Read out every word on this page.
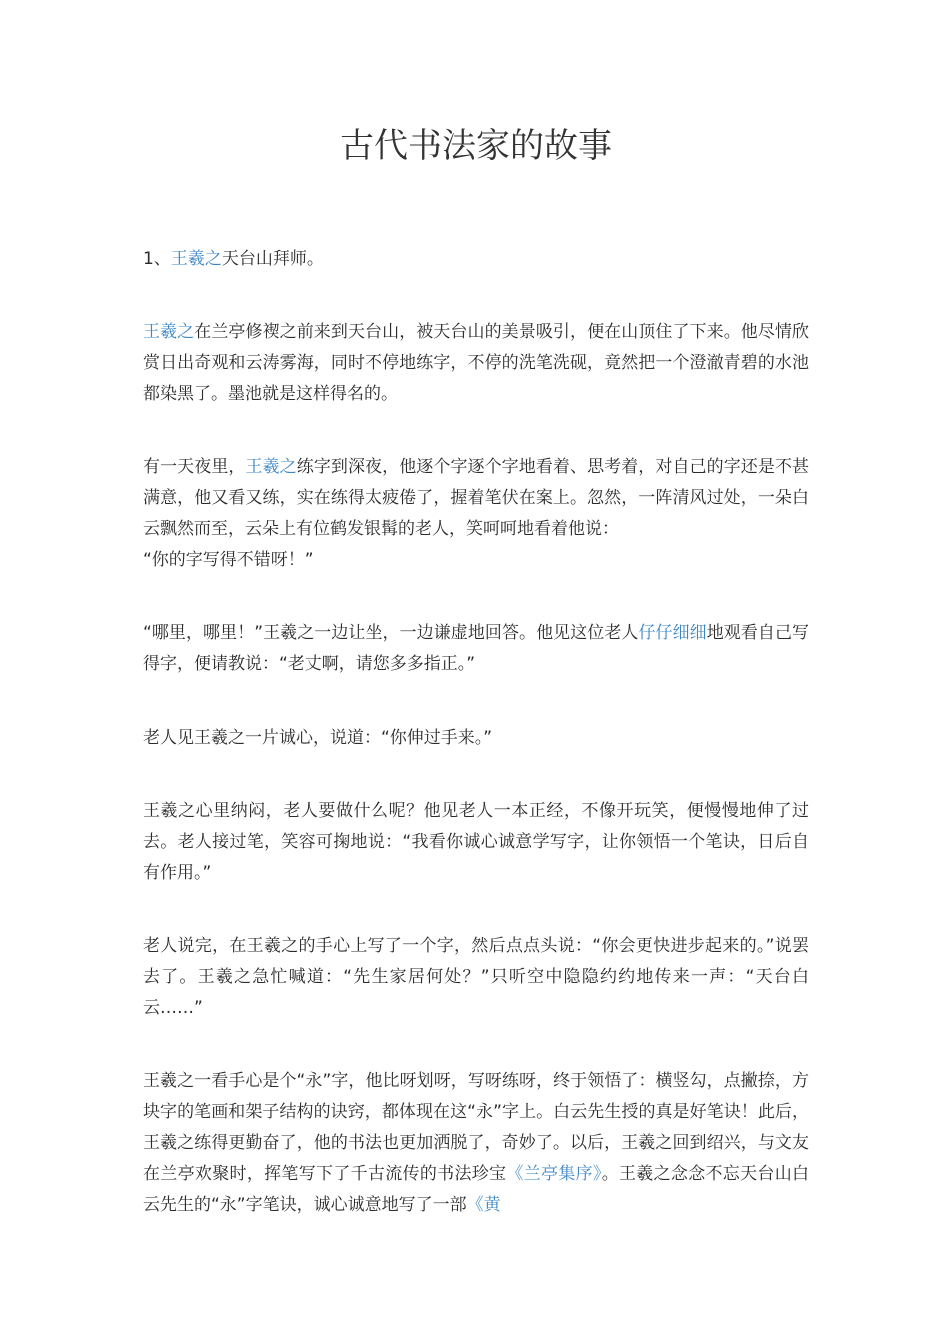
古代书法家的故事

1、王羲之天台山拜师。

王羲之在兰亭修褉之前来到天台山，被天台山的美景吸引，便在山顶住了下来。他尽情欣赏日出奇观和云涛雾海，同时不停地练字，不停的洗笔洗砚，竟然把一个澄澈青碧的水池都染黑了。墨池就是这样得名的。

有一天夜里，王羲之练字到深夜，他逐个字逐个字地看着、思考着，对自己的字还是不甚满意，他又看又练，实在练得太疲倦了，握着笔伏在案上。忽然，一阵清风过处，一朵白云飘然而至，云朵上有位鹤发银髯的老人，笑呵呵地看着他说：
“你的字写得不错呀！”

“哪里，哪里！”王羲之一边让坐，一边谦虚地回答。他见这位老人仔仔细细地观看自己写得字，便请教说：“老丈啊，请您多多指正。”

老人见王羲之一片诚心，说道：“你伸过手来。”

王羲之心里纳闷，老人要做什么呢？他见老人一本正经，不像开玩笑，便慢慢地伸了过去。老人接过笔，笑容可掬地说：“我看你诚心诚意学写字，让你领悟一个笔诀，日后自有作用。”

老人说完，在王羲之的手心上写了一个字，然后点点头说：“你会更快进步起来的。”说罢去了。王羲之急忙喊道：“先生家居何处？”只听空中隐隐约约地传来一声：“天台白云……”

王羲之一看手心是个“永”字，他比呀划呀，写呀练呀，终于领悟了：横竖勾，点撇捺，方块字的笔画和架子结构的诀窍，都体现在这“永”字上。白云先生授的真是好笔诀！此后，王羲之练得更勤奋了，他的书法也更加洒脱了，奇妙了。以后，王羲之回到绍兴，与文友在兰亭欢聚时，挥笔写下了千古流传的书法珍宝《兰亭集序》。王羲之念念不忘天台山白云先生的“永”字笔诀，诚心诚意地写了一部《黄
